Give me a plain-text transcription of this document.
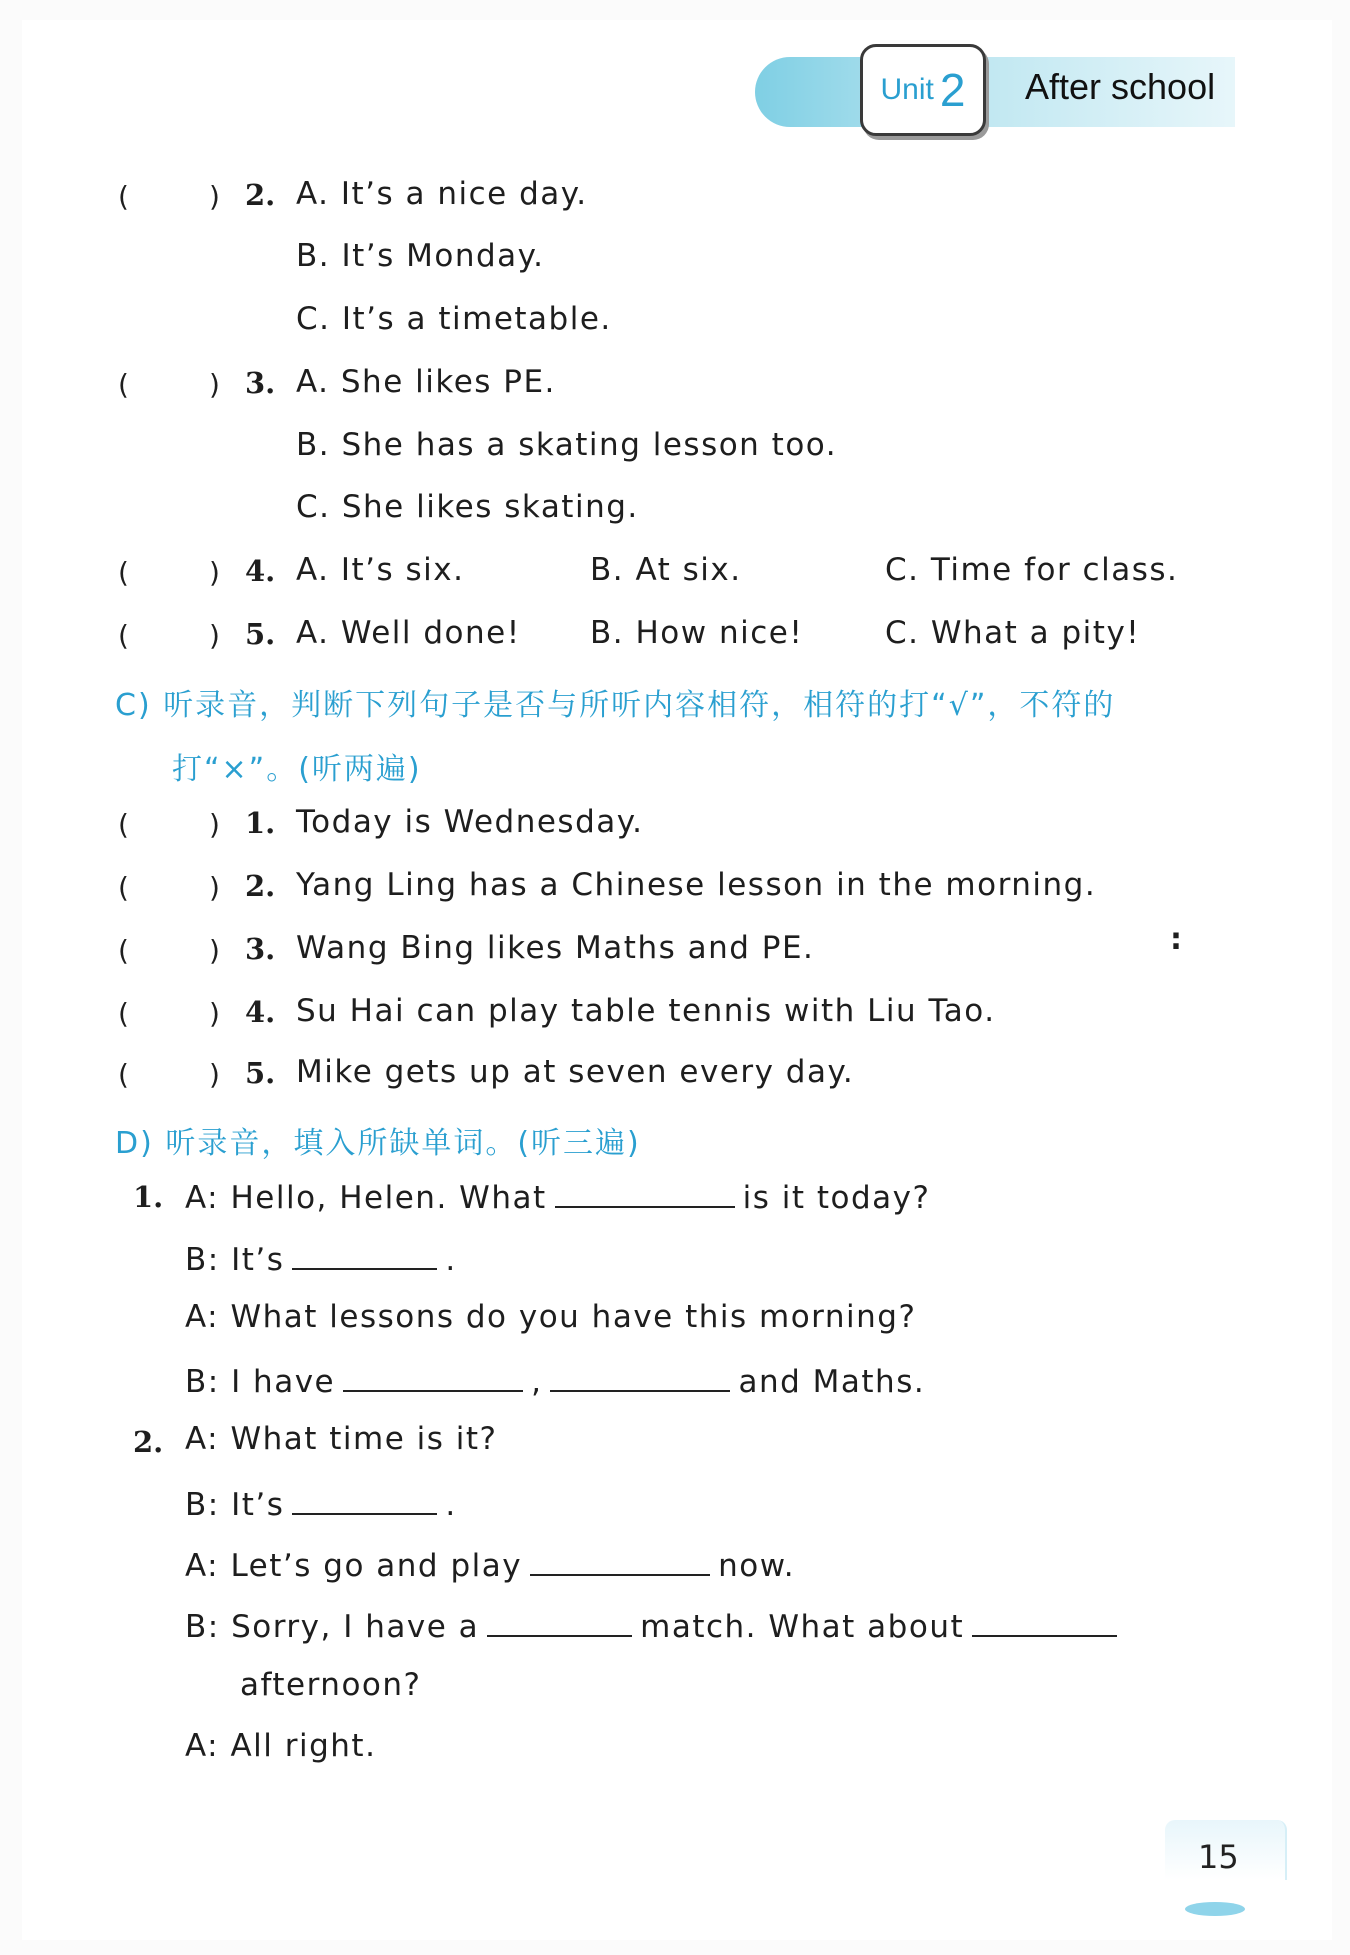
Unit 2 After school
(         ) 2. A. It’s a nice day.
B. It’s Monday.
C. It’s a timetable.
(         ) 3. A. She likes PE.
B. She has a skating lesson too.
C. She likes skating.
(         ) 4. A. It’s six.	B. At six.	C. Time for class.
(         ) 5. A. Well done! B. How nice!	C. What a pity!
C) 听录音，判断下列句子是否与所听内容相符，相符的打“√”，不符的
打“×”。(听两遍)
(         ) 1. Today is Wednesday.
(         ) 2. Yang Ling has a Chinese lesson in the morning.
(         ) 3. Wang Bing likes Maths and PE.	:
(         ) 4. Su Hai can play table tennis with Liu Tao.
(         ) 5. Mike gets up at seven every day.
D) 听录音，填入所缺单词。(听三遍)
1. A: Hello, Helen. What	is it today?
B: It’s	.
A: What lessons do you have this morning?
B: I have	,	and Maths.
2. A: What time is it?
B: It’s	.
A: Let’s go and play	now.
B: Sorry, I have a	match. What about
afternoon?
A: All right.
15
